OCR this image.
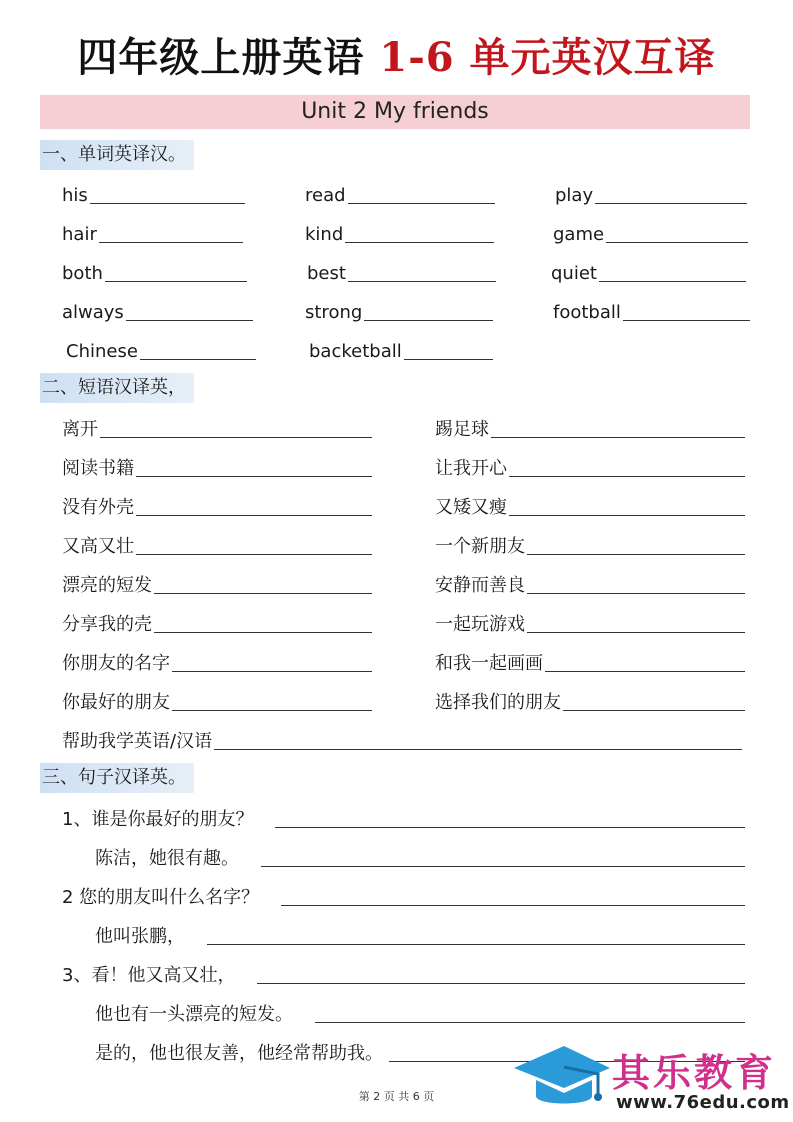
四年级上册英语 1-6 单元英汉互译
Unit 2 My friends
一、单词英译汉。
his	read	play
hair	kind	game
both	best	quiet
always	strong	football
Chinese	backetball
二、短语汉译英，
离开	踢足球
阅读书籍	让我开心
没有外壳	又矮又瘦
又高又壮	一个新朋友
漂亮的短发	安静而善良
分享我的壳	一起玩游戏
你朋友的名字	和我一起画画
你最好的朋友	选择我们的朋友
帮助我学英语/汉语
三、句子汉译英。
1、谁是你最好的朋友？
陈洁，她很有趣。
2 您的朋友叫什么名字？
他叫张鹏，
3、看！他又高又壮，
他也有一头漂亮的短发。
是的，他也很友善，他经常帮助我。
第 2 页 共 6 页
其乐教育
www.76edu.com
